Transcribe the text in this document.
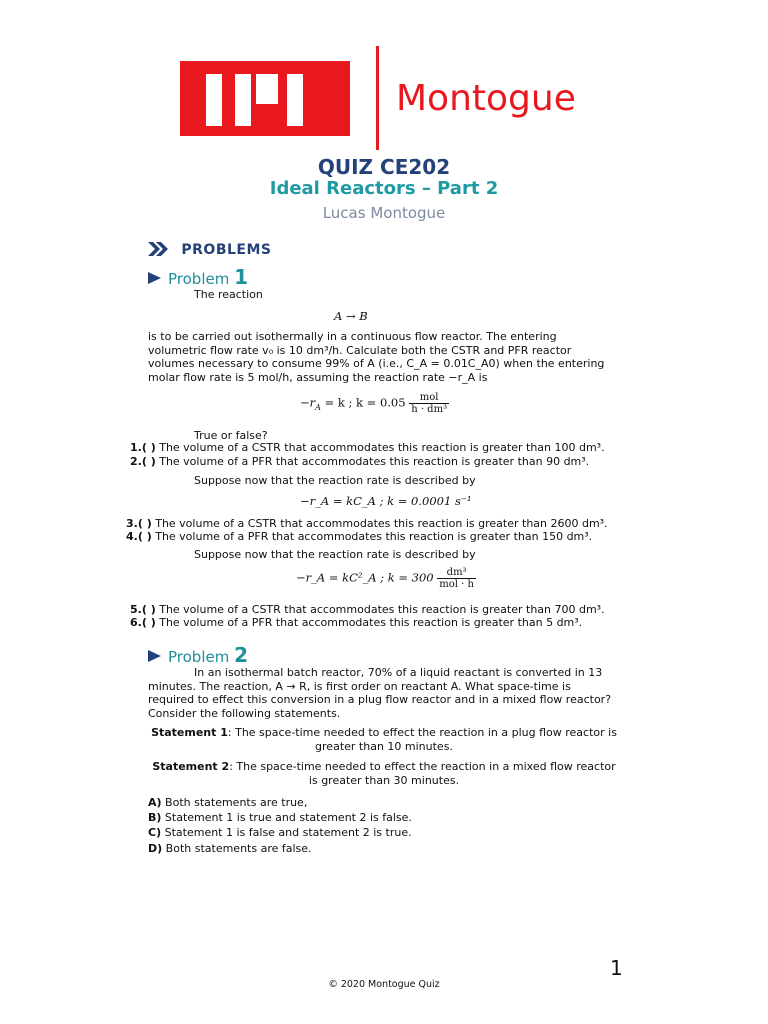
Montogue
QUIZ CE202
Ideal Reactors – Part 2
Lucas Montogue
PROBLEMS
Problem 1
The reaction
A → B
is to be carried out isothermally in a continuous flow reactor. The entering
volumetric flow rate v₀ is 10 dm³/h. Calculate both the CSTR and PFR reactor
volumes necessary to consume 99% of A (i.e., C_A = 0.01C_A0) when the entering
molar flow rate is 5 mol/h, assuming the reaction rate −r_A is
$-r_A = k$ ; $k = 0.05 \frac{\text{mol}}{\text{h · dm³}}$
True or false?
1.( ) The volume of a CSTR that accommodates this reaction is greater than 100 dm³.
2.( ) The volume of a PFR that accommodates this reaction is greater than 90 dm³.
Suppose now that the reaction rate is described by
−r_A = kC_A ; k = 0.0001 s⁻¹
3.( ) The volume of a CSTR that accommodates this reaction is greater than 2600 dm³.
4.( ) The volume of a PFR that accommodates this reaction is greater than 150 dm³.
Suppose now that the reaction rate is described by
−r_A = kC²_A ; $k = 300 \frac{\text{dm³}}{\text{mol · h}}$
5.( ) The volume of a CSTR that accommodates this reaction is greater than 700 dm³.
6.( ) The volume of a PFR that accommodates this reaction is greater than 5 dm³.
Problem 2
In an isothermal batch reactor, 70% of a liquid reactant is converted in 13
minutes. The reaction, A → R, is first order on reactant A. What space-time is
required to effect this conversion in a plug flow reactor and in a mixed flow reactor?
Consider the following statements.
Statement 1: The space-time needed to effect the reaction in a plug flow reactor is
greater than 10 minutes.
Statement 2: The space-time needed to effect the reaction in a mixed flow reactor
is greater than 30 minutes.
A) Both statements are true,
B) Statement 1 is true and statement 2 is false.
C) Statement 1 is false and statement 2 is true.
D) Both statements are false.
1
© 2020 Montogue Quiz
